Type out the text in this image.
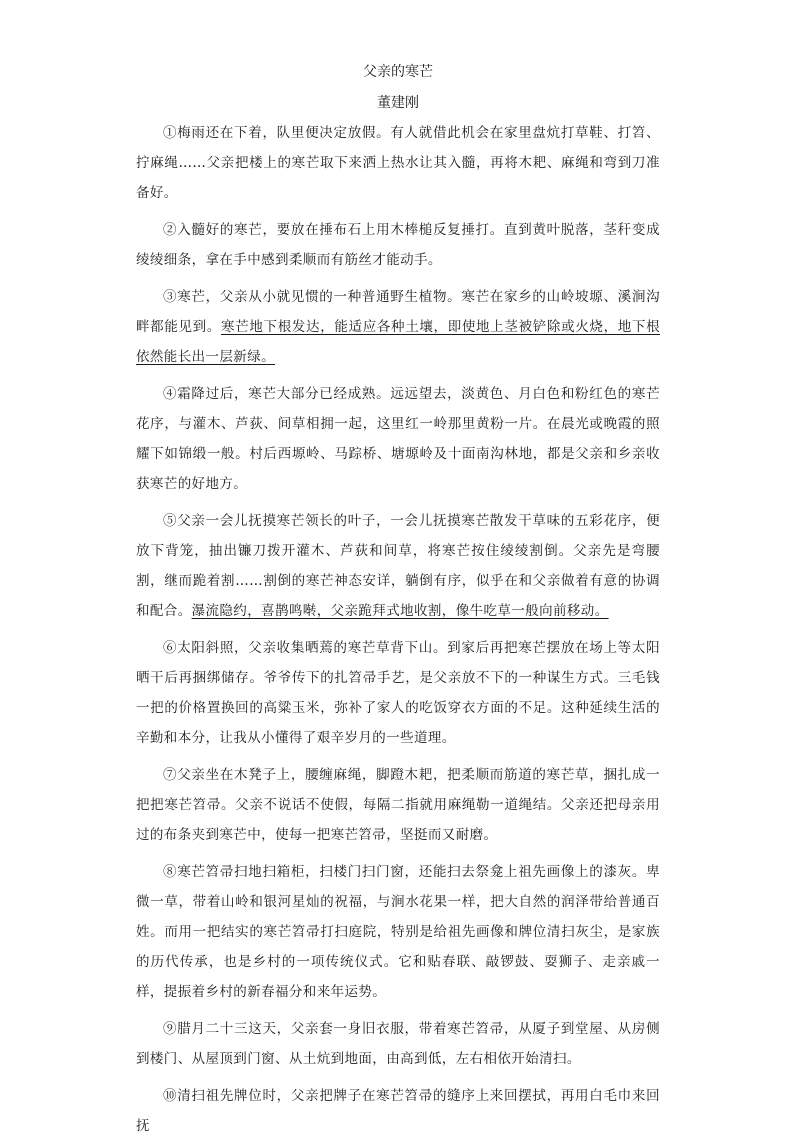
父亲的寒芒
董建刚

①梅雨还在下着，队里便决定放假。有人就借此机会在家里盘炕打草鞋、打笤、拧麻绳……父亲把楼上的寒芒取下来洒上热水让其入髓，再将木耙、麻绳和弯到刀准备好。

②入髓好的寒芒，要放在捶布石上用木棒槌反复捶打。直到黄叶脱落，茎秆变成绫绫细条，拿在手中感到柔顺而有筋丝才能动手。

③寒芒，父亲从小就见惯的一种普通野生植物。寒芒在家乡的山岭坡塬、溪涧沟畔都能见到。寒芒地下根发达，能适应各种土壤，即使地上茎被铲除或火烧，地下根依然能长出一层新绿。

④霜降过后，寒芒大部分已经成熟。远远望去，淡黄色、月白色和粉红色的寒芒花序，与灌木、芦荻、间草相拥一起，这里红一岭那里黄粉一片。在晨光或晚霞的照耀下如锦缎一般。村后西塬岭、马踪桥、塘塬岭及十面南沟林地，都是父亲和乡亲收获寒芒的好地方。

⑤父亲一会儿抚摸寒芒领长的叶子，一会儿抚摸寒芒散发干草味的五彩花序，便放下背笼，抽出镰刀拨开灌木、芦荻和间草，将寒芒按住绫绫割倒。父亲先是弯腰割，继而跪着割……割倒的寒芒神态安详，躺倒有序，似乎在和父亲做着有意的协调和配合。瀑流隐约，喜鹊鸣啭，父亲跪拜式地收割，像牛吃草一般向前移动。

⑥太阳斜照，父亲收集晒蔫的寒芒草背下山。到家后再把寒芒摆放在场上等太阳晒干后再捆绑储存。爷爷传下的扎笤帚手艺，是父亲放不下的一种谋生方式。三毛钱一把的价格置换回的高粱玉米，弥补了家人的吃饭穿衣方面的不足。这种延续生活的辛勤和本分，让我从小懂得了艰辛岁月的一些道理。

⑦父亲坐在木凳子上，腰缠麻绳，脚蹬木耙，把柔顺而筋道的寒芒草，捆扎成一把把寒芒笤帚。父亲不说话不使假，每隔二指就用麻绳勒一道绳结。父亲还把母亲用过的布条夹到寒芒中，使每一把寒芒笤帚，坚挺而又耐磨。

⑧寒芒笤帚扫地扫箱柜，扫楼门扫门窗，还能扫去祭龛上祖先画像上的漆灰。卑微一草，带着山岭和银河星灿的祝福，与涧水花果一样，把大自然的润泽带给普通百姓。而用一把结实的寒芒笤帚打扫庭院，特别是给祖先画像和牌位清扫灰尘，是家族的历代传承，也是乡村的一项传统仪式。它和贴春联、敲锣鼓、耍狮子、走亲戚一样，提振着乡村的新春福分和来年运势。

⑨腊月二十三这天，父亲套一身旧衣服，带着寒芒笤帚，从厦子到堂屋、从房侧到楼门、从屋顶到门窗、从土炕到地面，由高到低，左右相依开始清扫。

⑩清扫祖先牌位时，父亲把牌子在寒芒笤帚的缝序上来回摆拭，再用白毛巾来回抚
